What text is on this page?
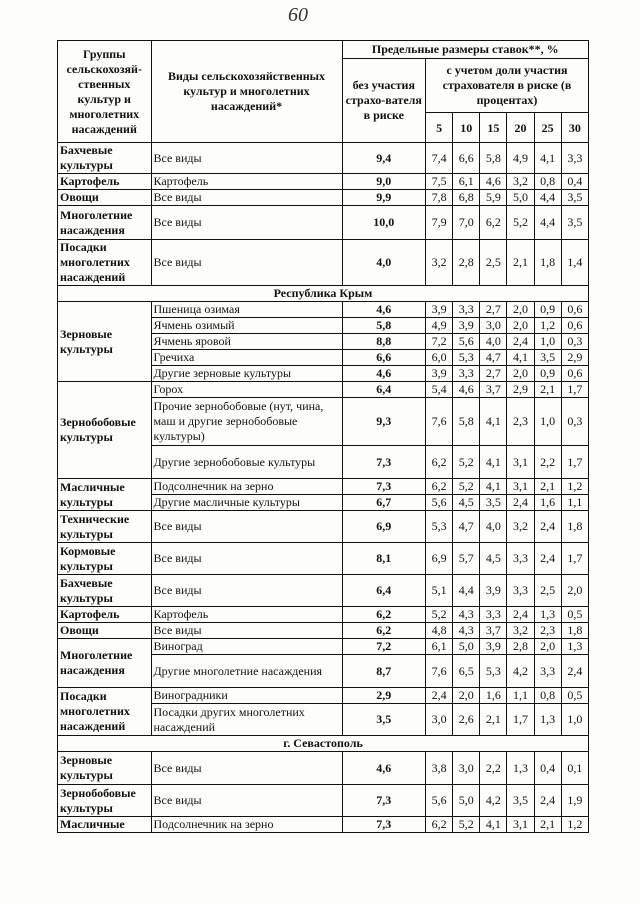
60
Группы сельскохозяй-ственных культур и многолетних насаждений	Виды сельскохозяйственных культур и многолетних насаждений*	Предельные размеры ставок**, %						
		без участия страхо-вателя в риске	с учетом доли участия страхователя в риске (в процентах)					
			5	10	15	20	25	30
Бахчевые культуры	Все виды	9,4	7,4	6,6	5,8	4,9	4,1	3,3
Картофель	Картофель	9,0	7,5	6,1	4,6	3,2	0,8	0,4
Овощи	Все виды	9,9	7,8	6,8	5,9	5,0	4,4	3,5
Многолетние насаждения	Все виды	10,0	7,9	7,0	6,2	5,2	4,4	3,5
Посадки многолетних насаждений	Все виды	4,0	3,2	2,8	2,5	2,1	1,8	1,4
Республика Крым								
Зерновые культуры	Пшеница озимая	4,6	3,9	3,3	2,7	2,0	0,9	0,6
	Ячмень озимый	5,8	4,9	3,9	3,0	2,0	1,2	0,6
	Ячмень яровой	8,8	7,2	5,6	4,0	2,4	1,0	0,3
	Гречиха	6,6	6,0	5,3	4,7	4,1	3,5	2,9
	Другие зерновые культуры	4,6	3,9	3,3	2,7	2,0	0,9	0,6
Зернобобовые культуры	Горох	6,4	5,4	4,6	3,7	2,9	2,1	1,7
	Прочие зернобобовые (нут, чина, маш и другие зернобобовые культуры)	9,3	7,6	5,8	4,1	2,3	1,0	0,3
	Другие зернобобовые культуры	7,3	6,2	5,2	4,1	3,1	2,2	1,7
Масличные культуры	Подсолнечник на зерно	7,3	6,2	5,2	4,1	3,1	2,1	1,2
	Другие масличные культуры	6,7	5,6	4,5	3,5	2,4	1,6	1,1
Технические культуры	Все виды	6,9	5,3	4,7	4,0	3,2	2,4	1,8
Кормовые культуры	Все виды	8,1	6,9	5,7	4,5	3,3	2,4	1,7
Бахчевые культуры	Все виды	6,4	5,1	4,4	3,9	3,3	2,5	2,0
Картофель	Картофель	6,2	5,2	4,3	3,3	2,4	1,3	0,5
Овощи	Все виды	6,2	4,8	4,3	3,7	3,2	2,3	1,8
Многолетние насаждения	Виноград	7,2	6,1	5,0	3,9	2,8	2,0	1,3
	Другие многолетние насаждения	8,7	7,6	6,5	5,3	4,2	3,3	2,4
Посадки многолетних насаждений	Виноградники	2,9	2,4	2,0	1,6	1,1	0,8	0,5
	Посадки других многолетних насаждений	3,5	3,0	2,6	2,1	1,7	1,3	1,0
г. Севастополь								
Зерновые культуры	Все виды	4,6	3,8	3,0	2,2	1,3	0,4	0,1
Зернобобовые культуры	Все виды	7,3	5,6	5,0	4,2	3,5	2,4	1,9
Масличные	Подсолнечник на зерно	7,3	6,2	5,2	4,1	3,1	2,1	1,2
